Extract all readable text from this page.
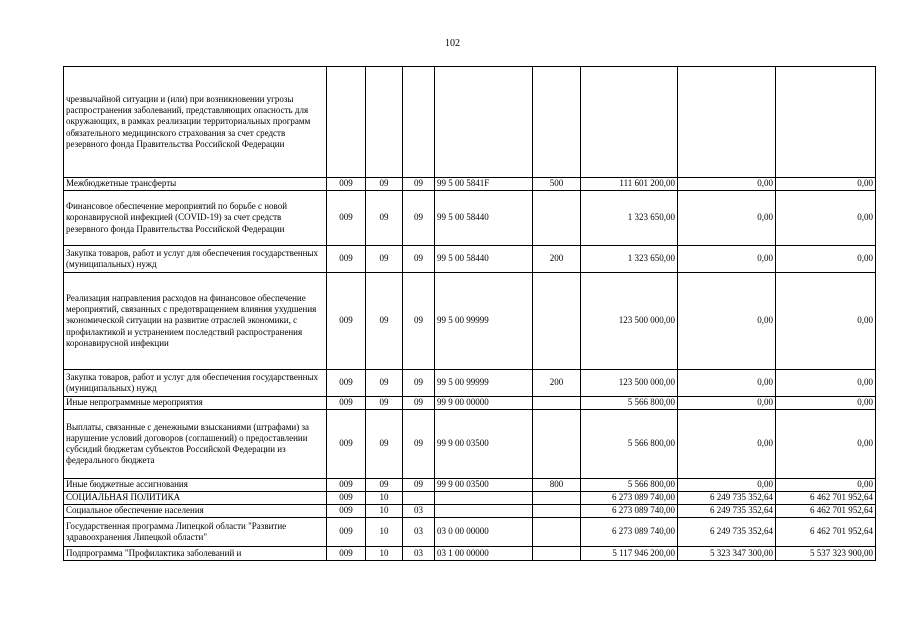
102
чрезвычайной ситуации и (или) при возникновении угрозы распространения заболеваний, представляющих опасность для окружающих, в рамках реализации территориальных программ обязательного медицинского страхования за счет средств резервного фонда Правительства Российской Федерации								
Межбюджетные трансферты	009	09	09	99 5 00 5841F	500	111 601 200,00	0,00	0,00
Финансовое обеспечение мероприятий по борьбе с новой коронавирусной инфекцией (COVID-19) за счет средств резервного фонда Правительства Российской Федерации	009	09	09	99 5 00 58440		1 323 650,00	0,00	0,00
Закупка товаров, работ и услуг для обеспечения государственных (муниципальных) нужд	009	09	09	99 5 00 58440	200	1 323 650,00	0,00	0,00
Реализация направления расходов на финансовое обеспечение мероприятий, связанных с предотвращением влияния ухудшения экономической ситуации на развитие отраслей экономики, с профилактикой и устранением последствий распространения коронавирусной инфекции	009	09	09	99 5 00 99999		123 500 000,00	0,00	0,00
Закупка товаров, работ и услуг для обеспечения государственных (муниципальных) нужд	009	09	09	99 5 00 99999	200	123 500 000,00	0,00	0,00
Иные непрограммные мероприятия	009	09	09	99 9 00 00000		5 566 800,00	0,00	0,00
Выплаты, связанные с денежными взысканиями (штрафами) за нарушение условий договоров (соглашений) о предоставлении субсидий бюджетам субъектов Российской Федерации из федерального бюджета	009	09	09	99 9 00 03500		5 566 800,00	0,00	0,00
Иные бюджетные ассигнования	009	09	09	99 9 00 03500	800	5 566 800,00	0,00	0,00
СОЦИАЛЬНАЯ ПОЛИТИКА	009	10				6 273 089 740,00	6 249 735 352,64	6 462 701 952,64
Социальное обеспечение населения	009	10	03			6 273 089 740,00	6 249 735 352,64	6 462 701 952,64
Государственная программа Липецкой области "Развитие здравоохранения Липецкой области"	009	10	03	03 0 00 00000		6 273 089 740,00	6 249 735 352,64	6 462 701 952,64
Подпрограмма "Профилактика заболеваний и	009	10	03	03 1 00 00000		5 117 946 200,00	5 323 347 300,00	5 537 323 900,00
